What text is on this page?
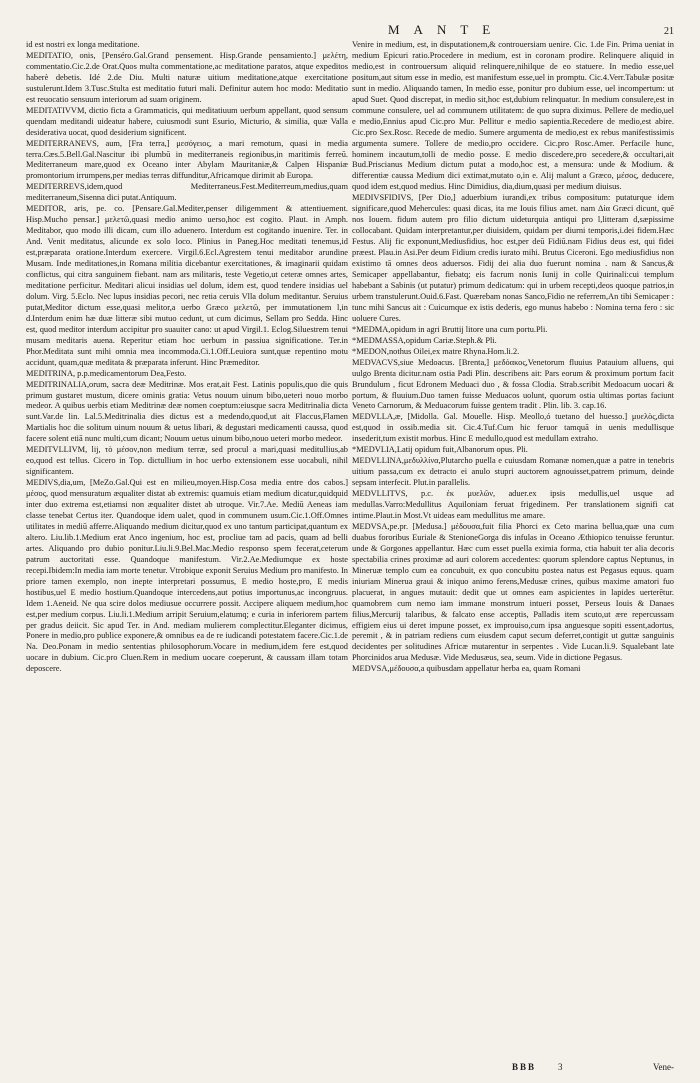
MANTE	21

id est nostri ex longa meditatione.

MEDITATIO, onis, [Penséro.Gal.Grand pensement. Hisp.Grande pensamiento.] μελέτη, commentatio.Cic.2.de Orat.Quos multa commentatione,ac meditatione paratos, atque expeditos haberè debetis. Idé 2.de Diu. Multi naturæ uitium meditatione,atque exercitatione sustulerunt.Idem 3.Tusc.Stulta est meditatio futuri mali. Definitur autem hoc modo: Meditatio est reuocatio sensuum interiorum ad suam originem.

MEDITATIVVM, dictio ficta a Grammaticis, qui meditatiuum uerbum appellant, quod sensum quendam meditandi uideatur habere, cuiusmodi sunt Esurio, Micturio, & similia, quæ Valla desiderativa uocat, quod desiderium significent.

MEDITERRANEVS, aum, [Fra terra,] μεσόγειος, a mari remotum, quasi in media terra.Cæs.5.Bell.Gal.Nascitur ibi plumbū in mediterraneis regionibus,in maritimis ferreū. Mediterraneum mare,quod ex Oceano inter Abylam Mauritaniæ,& Calpen Hispaniæ promontorium irrumpens,per medias terras diffunditur,Africamque dirimit ab Europa.

MEDITERREVS,idem,quod Mediterraneus.Fest.Mediterreum,medius,quam mediterraneum,Sisenna dici putat.Antiquum.

MEDITOR, aris, pe. co. [Pensare.Gal.Mediter,penser diligemment & attentiuement. Hisp.Mucho pensar.] μελετῶ,quasi medio animo uerso,hoc est cogito. Plaut. in Amph. Meditabor, quo modo illi dicam, cum illo aduenero. Interdum est cogitando inuenire. Ter. in And. Venit meditatus, alicunde ex solo loco. Plinius in Paneg.Hoc meditati tenemus,id est,præparata oratione.Interdum exercere. Virgil.6.Ecl.Agrestem tenui meditabor arundine Musam. Inde meditationes,in Romana militia dicebantur exercitationes, & imaginarii quidam conflictus, qui citra sanguinem fiebant. nam ars militaris, teste Vegetio,ut ceteræ omnes artes, meditatione perficitur. Meditari alicui insidias uel dolum, idem est, quod tendere insidias uel dolum. Virg. 5.Eclo. Nec lupus insidias pecori, nec retia ceruis Vlla dolum meditantur. Seruius putat,Meditor dictum esse,quasi melitor,a uerbo Græco μελετῶ, per immutationem l,in d.Interdum enim hæ duæ litteræ sibi mutuo cedunt, ut cum dicimus, Sellam pro Sedda. Hinc est, quod meditor interdum accipitur pro suauiter cano: ut apud Virgil.1. Eclog.Siluestrem tenui musam meditaris auena. Reperitur etiam hoc uerbum in passiua significatione. Ter.in Phor.Meditata sunt mihi omnia mea incommoda.Ci.1.Off.Leuiora sunt,quæ repentino motu accidunt, quam,quæ meditata & præparata inferunt. Hinc Præmeditor.

MEDITRINA, p.p.medicamentorum Dea,Festo.

MEDITRINALIA,orum, sacra deæ Meditrinæ. Mos erat,ait Fest. Latinis populis,quo die quis primum gustaret mustum, dicere ominis gratia: Vetus nouum uinum bibo,ueteri nouo morbo medeor. A quibus uerbis etiam Meditrinæ deæ nomen coeptum:eiusque sacra Meditrinalia dicta sunt.Var.de lin. Lal.5.Meditrinalia dies dictus est a medendo,quod,ut ait Flaccus,Flamen Martialis hoc die solitum uinum nouum & uetus libari, & degustari medicamenti caussa, quod facere solent etiā nunc multi,cum dicant; Nouum uetus uinum bibo,nouo ueteri morbo medeor.

MEDITVLLIVM, lij, τὸ μέσον,non medium terræ, sed procul a mari,quasi meditullius,ab eo,quod est tellus. Cicero in Top. dictullium in hoc uerbo extensionem esse uocabuli, nihil significantem.

MEDIVS,dia,um, [MeZo.Gal.Qui est en milieu,moyen.Hisp.Cosa media entre dos cabos.] μέσος, quod mensuratum æqualiter distat ab extremis: quamuis etiam medium dicatur,quidquid inter duo extrema est,etiamsi non æqualiter distet ab utroque. Vir.7.Ae. Mediū Aeneas iam classe tenebat Certus iter. Quandoque idem ualet, quod in communem usum.Cic.1.Off.Omnes utilitates in mediū afferre.Aliquando medium dicitur,quod ex uno tantum participat,quantum ex altero. Liu.lib.1.Medium erat Anco ingenium, hoc est, procliue tam ad pacis, quam ad belli artes. Aliquando pro dubio ponitur.Liu.li.9.Bel.Mac.Medio responso spem fecerat,ceterum patrum auctoritati esse. Quandoque manifestum. Vir.2.Ae.Mediumque ex hoste recepi.Ibidem:In media iam morte tenetur. Vtrobique exponit Seruius Medium pro manifesto. In priore tamen exemplo, non inepte interpretari possumus, E medio hoste,pro, E medis hostibus,uel E medio hostium.Quandoque intercedens,aut potius importunus,ac incongruus. Idem 1.Aeneid. Ne qua scire dolos mediusue occurrere possit. Accipere aliquem medium,hoc est,per medium corpus. Liu.li.1.Medium arripit Seruium,elatumq; e curia in inferiorem partem per gradus deiicit. Sic apud Ter. in And. mediam mulierem complectitur.Eleganter dicimus, Ponere in medio,pro publice exponere,& omnibus ea de re iudicandi potestatem facere.Cic.1.de Na. Deo.Ponam in medio sententias philosophorum.Vocare in medium,idem fere est,quod uocare in dubium. Cic.pro Cluen.Rem in medium uocare coeperunt, & caussam illam totam deposcere.

Venire in medium, est, in disputationem,& controuersiam uenire. Cic. 1.de Fin. Prima ueniat in medium Epicuri ratio.Procedere in medium, est in coronam prodire. Relinquere aliquid in medio,est in controuersum aliquid relinquere,nihilque de eo statuere. In medio esse,uel positum,aut situm esse in medio, est manifestum esse,uel in promptu. Cic.4.Verr.Tabulæ positæ sunt in medio. Aliquando tamen, In medio esse, ponitur pro dubium esse, uel incompertum: ut apud Suet. Quod discrepat, in medio sit,hoc est,dubium relinquatur. In medium consulere,est in commune consulere, uel ad communem utilitatem: de quo supra diximus. Pellere de medio,uel e medio,Ennius apud Cic.pro Mur. Pellitur e medio sapientia.Recedere de medio,est abire. Cic.pro Sex.Rosc. Recede de medio. Sumere argumenta de medio,est ex rebus manifestissimis argumenta sumere. Tollere de medio,pro occidere. Cic.pro Rosc.Amer. Perfacile hunc, hominem incautum,tolli de medio posse. E medio discedere,pro secedere,& occultari,ait Bud.Priscianus Medium dictum putat a modo,hoc est, a mensura: unde & Modium. & differentiæ caussa Medium dici extimat,mutato o,in e. Alij malunt a Græco, μέσος, deducere, quod idem est,quod medius. Hinc Dimidius, dia,dium,quasi per medium diuisus.

MEDIVSFIDIVS, [Per Dio,] aduerbium iurandi,ex tribus compositum: putaturque idem significare,quod Mehercules: quasi dicas, ita me Iouis filius amet. nam Δία Græci dicunt, quē nos Iouem. fidum autem pro filio dictum uideturquia antiqui pro l,litteram d,sæpissime collocabant. Quidam interpretantur,per diuisidem, quidam per diurni temporis,i.dei fidem.Hæc Festus. Alij fic exponunt,Mediusfidius, hoc est,per deū Fidiū.nam Fidius deus est, qui fidei præest. Plau.in Asi.Per deum Fidium credis iurato mihi. Brutus Ciceroni. Ego mediusfidius non existimo tā omnes deos aduersos. Fidij dei alia duo fuerunt nomina . nam & Sancus,& Semicaper appellabantur, fiebatq; eis facrum nonis Iunij in colle Quirinali:cui templum habebant a Sabinis (ut putatur) primum dedicatum: qui in urbem recepti,deos quoque patrios,in urbem transtulerunt.Ouid.6.Fast. Quærebam nonas Sanco,Fidio ne referrem,An tibi Semicaper : tunc mihi Sancus ait : Cuicumque ex istis dederis, ego munus habebo : Nomina terna fero : sic uoluere Cures.

*MEDMA,opidum in agri Bruttij litore una cum portu.Pli.

*MEDMASSA,opidum Cariæ.Steph.& Pli.

*MEDON,nothus Oilei,ex matre Rhyna.Hom.li.2.

MEDVACVS,siue Medoacus. [Brenta,] μεδόακος,Venetorum fluuius Patauium alluens, qui uulgo Brenta dicitur.nam ostia Padi Plin. describens ait: Pars eorum & proximum portum facit Brundulum , ficut Edronem Meduaci duo , & fossa Clodia. Strab.scribit Medoacum uocari & portum, & fluuium.Duo tamen fuisse Meduacos uolunt, quorum ostia ultimas portas faciunt Veneto Carnorum, & Meduacorum fuisse gentem tradit . Plin. lib. 3. cap.16.

MEDVLLA,æ, [Midolla. Gal. Mouelle. Hisp. Meollo,ó tuetano del huesso.] μυελὸς,dicta est,quod in ossib.media sit. Cic.4.Tuf.Cum hic feruor tamquā in uenis medullisque insederit,tum existit morbus. Hinc E medullo,quod est medullam extraho.

*MEDVLIA,Latij opidum fuit,Albanorum opus. Pli.

MEDVLLINA,μεδυλλίνα,Plutarcho puella e cuiusdam Romanæ nomen,quæ a patre in tenebris uitium passa,cum ex detracto ei anulo stupri auctorem agnouisset,patrem primum, deinde sepsam interfecit. Plut.in parallelis.

MEDVLLITVS, p.c. ἐκ μυελῶν, aduer.ex ipsis medullis,uel usque ad medullas.Varro:Medullitus Aquiloniam feruat frigedinem. Per translationem signifi cat intime.Plaut.in Most.Vt uideas eam medullitus me amare.

MEDVSA,pe.pr. [Medusa.] μέδουσα,fuit filia Phorci ex Ceto marina bellua,quæ una cum duabus fororibus Euriale & StenioneGorga dis infulas in Oceano Æthiopico tenuisse feruntur. unde & Gorgones appellantur. Hæc cum esset puella eximia forma, ctia habuit ter alia decoris spectabilia crines proximæ ad auri colorem accedentes: quorum splendore captus Neptunus, in Mineruæ templo cum ea concubuit, ex quo concubitu postea natus est Pegasus equus. quam iniuriam Minerua graui & iniquo animo ferens,Medusæ crines, quibus maxime amatori fuo placuerat, in angues mutauit: dedit que ut omnes eam aspicientes in lapides uerterētur. quamobrem cum nemo iam immane monstrum intueri posset, Perseus Iouis & Danaes filius,Mercurij talaribus, & falcato ense acceptis, Palladis item scuto,ut ære repercussam effigiem eius ui deret impune posset, ex improuiso,cum ipsa anguesque sopiti essent,adortus, peremit , & in patriam rediens cum eiusdem caput secum deferret,contigit ut guttæ sanguinis decidentes per solitudines Africæ mutarentur in serpentes . Vide Lucan.li.9. Squalebant late Phorcinidos arua Medusæ. Vide Medusæus, sea, seum. Vide in dictione Pegasus.

MEDVSA,μέδουσα,a quibusdam appellatur herba ea, quam Romani

BBB 3	Vene-
